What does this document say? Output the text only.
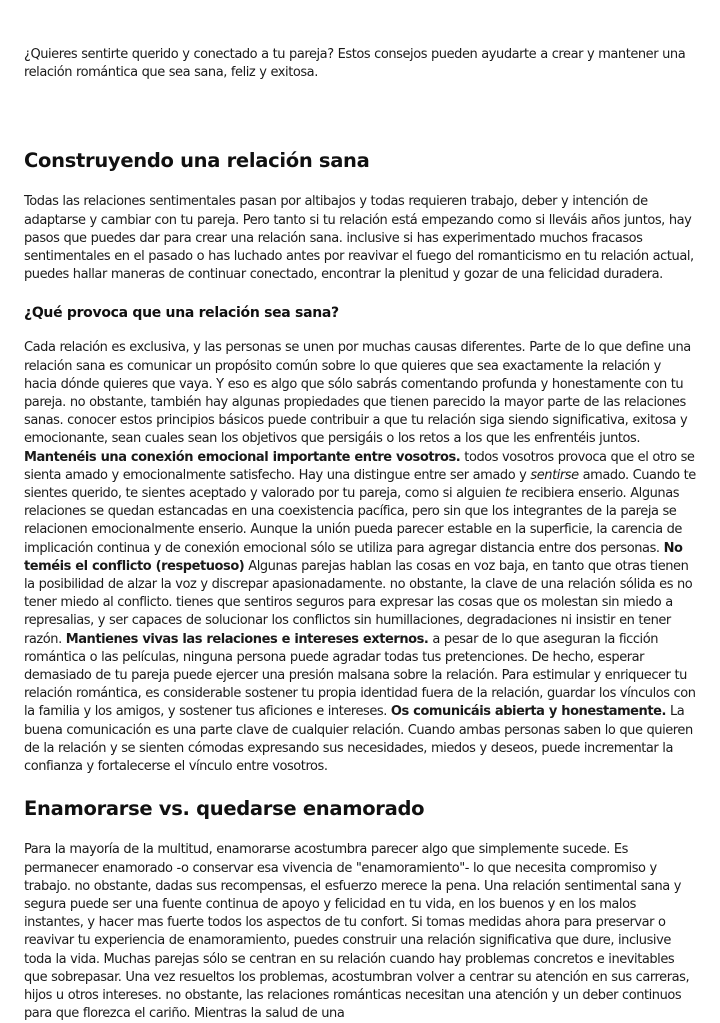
¿Quieres sentirte querido y conectado a tu pareja? Estos consejos pueden ayudarte a crear y mantener una relación romántica que sea sana, feliz y exitosa.

Construyendo una relación sana

Todas las relaciones sentimentales pasan por altibajos y todas requieren trabajo, deber y intención de adaptarse y cambiar con tu pareja. Pero tanto si tu relación está empezando como si lleváis años juntos, hay pasos que puedes dar para crear una relación sana. inclusive si has experimentado muchos fracasos sentimentales en el pasado o has luchado antes por reavivar el fuego del romanticismo en tu relación actual, puedes hallar maneras de continuar conectado, encontrar la plenitud y gozar de una felicidad duradera.

¿Qué provoca que una relación sea sana?

Cada relación es exclusiva, y las personas se unen por muchas causas diferentes. Parte de lo que define una relación sana es comunicar un propósito común sobre lo que quieres que sea exactamente la relación y hacia dónde quieres que vaya. Y eso es algo que sólo sabrás comentando profunda y honestamente con tu pareja. no obstante, también hay algunas propiedades que tienen parecido la mayor parte de las relaciones sanas. conocer estos principios básicos puede contribuir a que tu relación siga siendo significativa, exitosa y emocionante, sean cuales sean los objetivos que persigáis o los retos a los que les enfrentéis juntos. Mantenéis una conexión emocional importante entre vosotros. todos vosotros provoca que el otro se sienta amado y emocionalmente satisfecho. Hay una distingue entre ser amado y sentirse amado. Cuando te sientes querido, te sientes aceptado y valorado por tu pareja, como si alguien te recibiera enserio. Algunas relaciones se quedan estancadas en una coexistencia pacífica, pero sin que los integrantes de la pareja se relacionen emocionalmente enserio. Aunque la unión pueda parecer estable en la superficie, la carencia de implicación continua y de conexión emocional sólo se utiliza para agregar distancia entre dos personas. No teméis el conflicto (respetuoso) Algunas parejas hablan las cosas en voz baja, en tanto que otras tienen la posibilidad de alzar la voz y discrepar apasionadamente. no obstante, la clave de una relación sólida es no tener miedo al conflicto. tienes que sentiros seguros para expresar las cosas que os molestan sin miedo a represalias, y ser capaces de solucionar los conflictos sin humillaciones, degradaciones ni insistir en tener razón. Mantienes vivas las relaciones e intereses externos. a pesar de lo que aseguran la ficción romántica o las películas, ninguna persona puede agradar todas tus pretenciones. De hecho, esperar demasiado de tu pareja puede ejercer una presión malsana sobre la relación. Para estimular y enriquecer tu relación romántica, es considerable sostener tu propia identidad fuera de la relación, guardar los vínculos con la familia y los amigos, y sostener tus aficiones e intereses. Os comunicáis abierta y honestamente. La buena comunicación es una parte clave de cualquier relación. Cuando ambas personas saben lo que quieren de la relación y se sienten cómodas expresando sus necesidades, miedos y deseos, puede incrementar la confianza y fortalecerse el vínculo entre vosotros.

Enamorarse vs. quedarse enamorado

Para la mayoría de la multitud, enamorarse acostumbra parecer algo que simplemente sucede. Es permanecer enamorado -o conservar esa vivencia de "enamoramiento"- lo que necesita compromiso y trabajo. no obstante, dadas sus recompensas, el esfuerzo merece la pena. Una relación sentimental sana y segura puede ser una fuente continua de apoyo y felicidad en tu vida, en los buenos y en los malos instantes, y hacer mas fuerte todos los aspectos de tu confort. Si tomas medidas ahora para preservar o reavivar tu experiencia de enamoramiento, puedes construir una relación significativa que dure, inclusive toda la vida. Muchas parejas sólo se centran en su relación cuando hay problemas concretos e inevitables que sobrepasar. Una vez resueltos los problemas, acostumbran volver a centrar su atención en sus carreras, hijos u otros intereses. no obstante, las relaciones románticas necesitan una atención y un deber continuos para que florezca el cariño. Mientras la salud de una
